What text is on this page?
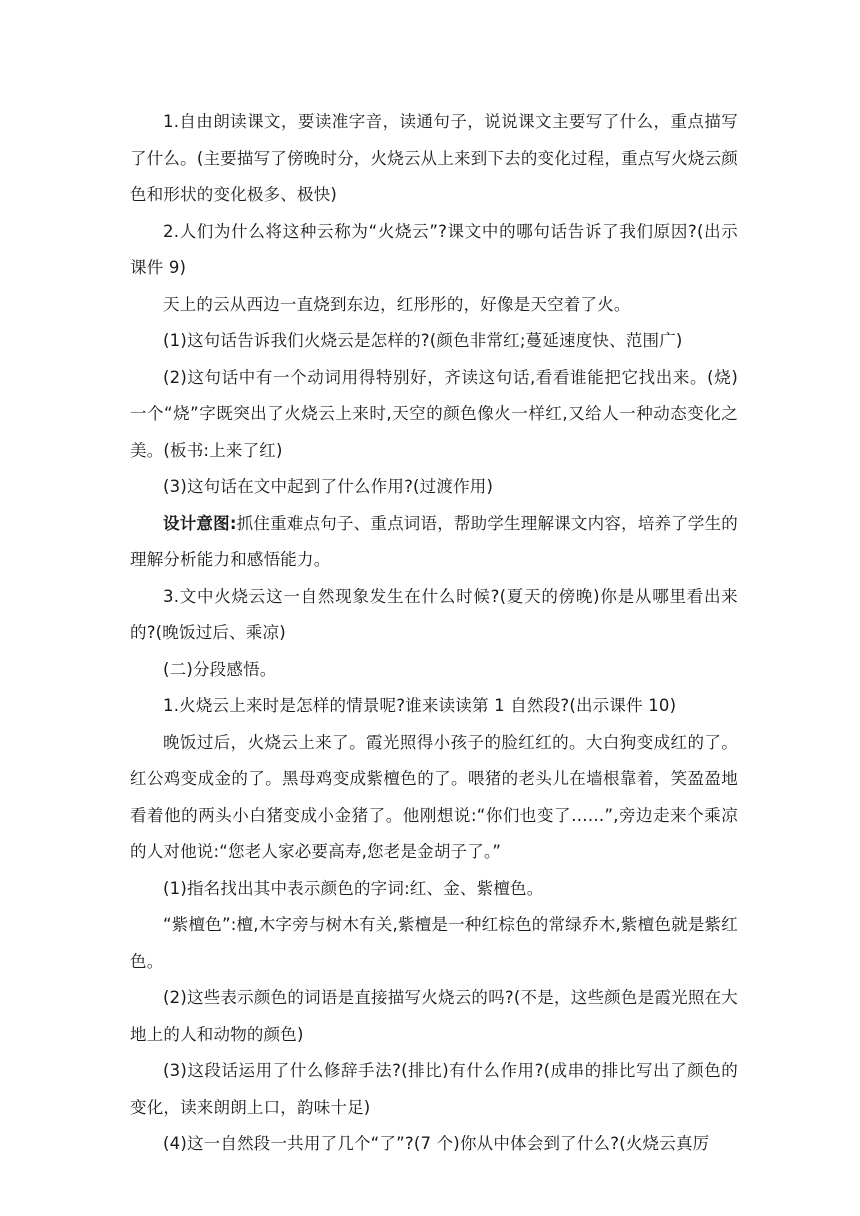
1.自由朗读课文，要读准字音，读通句子，说说课文主要写了什么，重点描写了什么。(主要描写了傍晚时分，火烧云从上来到下去的变化过程，重点写火烧云颜色和形状的变化极多、极快)

2.人们为什么将这种云称为“火烧云”?课文中的哪句话告诉了我们原因?(出示课件 9)

天上的云从西边一直烧到东边，红彤彤的，好像是天空着了火。

(1)这句话告诉我们火烧云是怎样的?(颜色非常红;蔓延速度快、范围广)

(2)这句话中有一个动词用得特别好，齐读这句话,看看谁能把它找出来。(烧)一个“烧”字既突出了火烧云上来时,天空的颜色像火一样红,又给人一种动态变化之美。(板书:上来了红)

(3)这句话在文中起到了什么作用?(过渡作用)

设计意图:抓住重难点句子、重点词语，帮助学生理解课文内容，培养了学生的理解分析能力和感悟能力。

3.文中火烧云这一自然现象发生在什么时候?(夏天的傍晚)你是从哪里看出来的?(晚饭过后、乘凉)

(二)分段感悟。

1.火烧云上来时是怎样的情景呢?谁来读读第 1 自然段?(出示课件 10)

晚饭过后，火烧云上来了。霞光照得小孩子的脸红红的。大白狗变成红的了。红公鸡变成金的了。黑母鸡变成紫檀色的了。喂猪的老头儿在墙根靠着，笑盈盈地看着他的两头小白猪变成小金猪了。他刚想说:“你们也变了……”,旁边走来个乘凉的人对他说:“您老人家必要高寿,您老是金胡子了。”

(1)指名找出其中表示颜色的字词:红、金、紫檀色。

“紫檀色”:檀,木字旁与树木有关,紫檀是一种红棕色的常绿乔木,紫檀色就是紫红色。

(2)这些表示颜色的词语是直接描写火烧云的吗?(不是，这些颜色是霞光照在大地上的人和动物的颜色)

(3)这段话运用了什么修辞手法?(排比)有什么作用?(成串的排比写出了颜色的变化，读来朗朗上口，韵味十足)

(4)这一自然段一共用了几个“了”?(7 个)你从中体会到了什么?(火烧云真厉
